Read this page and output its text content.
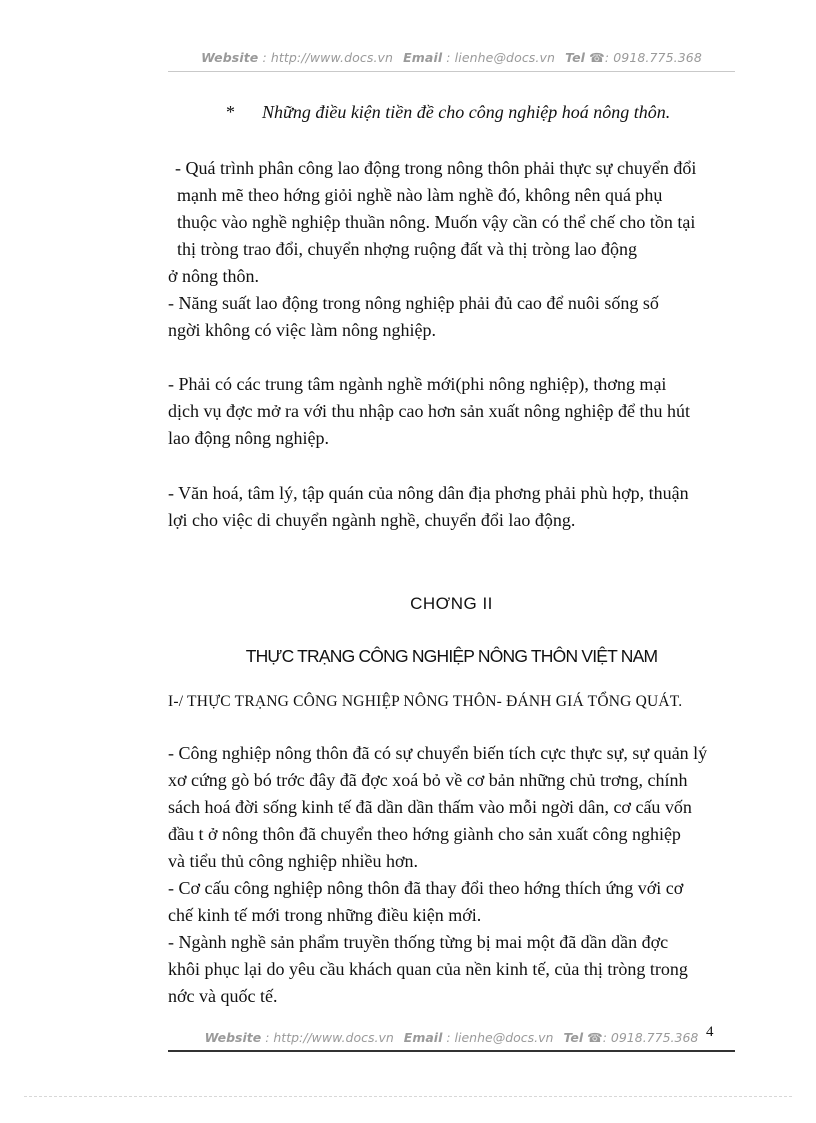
Website : http://www.docs.vn Email : lienhe@docs.vn Tel ☎: 0918.775.368
* Những điều kiện tiền đề cho công nghiệp hoá nông thôn.
- Quá trình phân công lao động trong nông thôn phải thực sự chuyển đổi
mạnh mẽ theo hớng giỏi nghề nào làm nghề đó, không nên quá phụ
thuộc vào nghề nghiệp thuần nông. Muốn vậy cần có thể chế cho tồn tại
thị tròng trao đổi, chuyển nhợng ruộng đất và thị tròng lao động
ở nông thôn.
- Năng suất lao động trong nông nghiệp phải đủ cao để nuôi sống số
ngời không có việc làm nông nghiệp.
- Phải có các trung tâm ngành nghề mới(phi nông nghiệp), thơng mại
dịch vụ đợc mở ra với thu nhập cao hơn sản xuất nông nghiệp để thu hút
lao động nông nghiệp.
- Văn hoá, tâm lý, tập quán của nông dân địa phơng phải phù hợp, thuận
lợi cho việc di chuyển ngành nghề, chuyển đổi lao động.
CHƠNG II
THỰC TRẠNG CÔNG NGHIỆP NÔNG THÔN VIỆT NAM
I-/ THỰC TRẠNG CÔNG NGHIỆP NÔNG THÔN- ĐÁNH GIÁ TỔNG QUÁT.
- Công nghiệp nông thôn đã có sự chuyển biến tích cực thực sự, sự quản lý
xơ cứng gò bó trớc đây đã đợc xoá bỏ về cơ bản những chủ trơng, chính
sách hoá đời sống kinh tế đã dần dần thấm vào mỗi ngời dân, cơ cấu vốn
đầu t ở nông thôn đã chuyển theo hớng giành cho sản xuất công nghiệp
và tiểu thủ công nghiệp nhiều hơn.
- Cơ cấu công nghiệp nông thôn đã thay đổi theo hớng thích ứng với cơ
chế kinh tế mới trong những điều kiện mới.
- Ngành nghề sản phẩm truyền thống từng bị mai một đã dần dần đợc
khôi phục lại do yêu cầu khách quan của nền kinh tế, của thị tròng trong
nớc và quốc tế.
Website : http://www.docs.vn Email : lienhe@docs.vn Tel ☎: 0918.775.368 4
